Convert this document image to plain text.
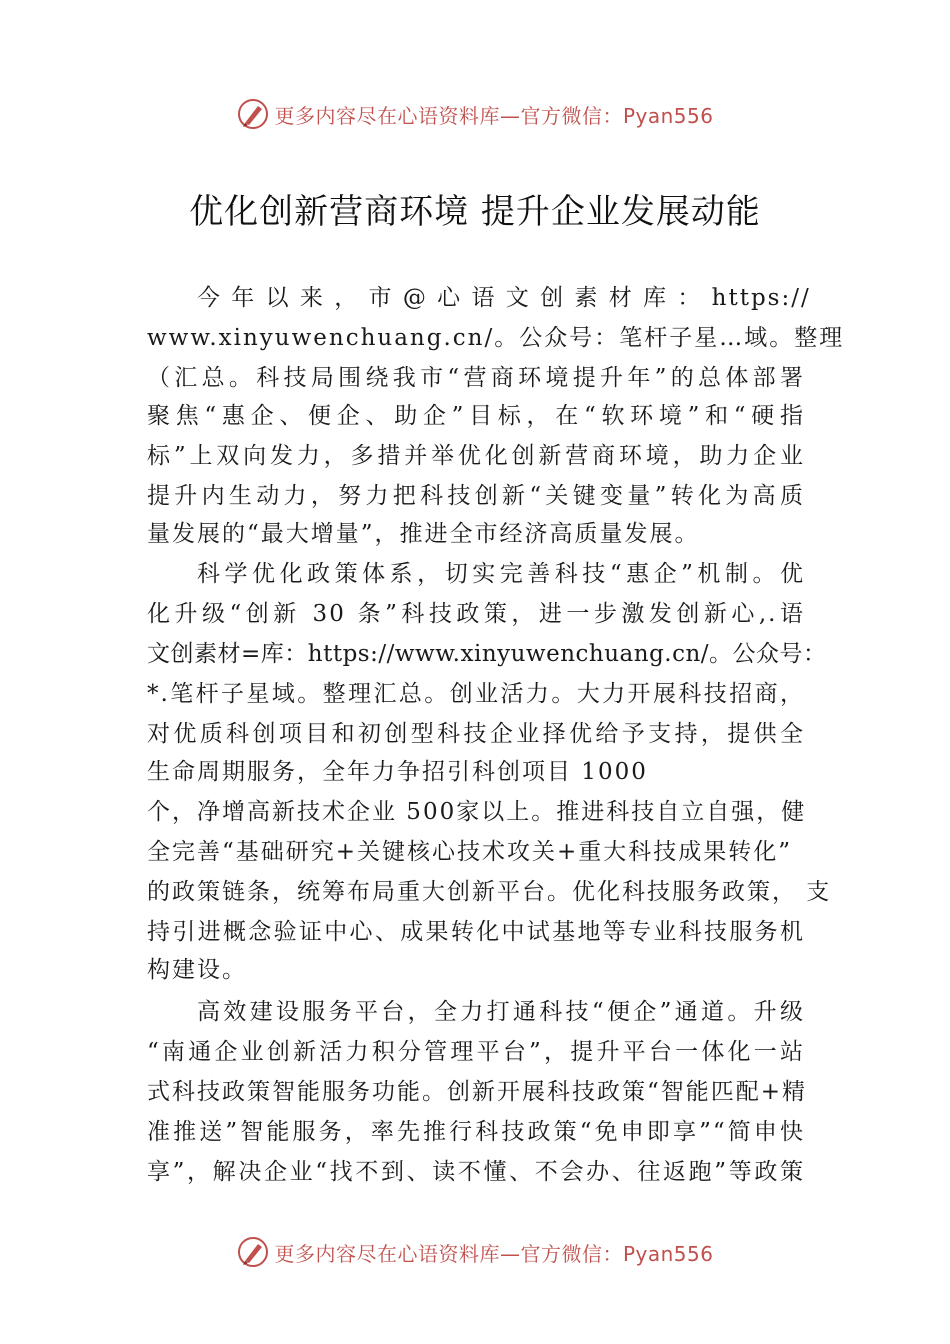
更多内容尽在心语资料库—官方微信：Pyan556
优化创新营商环境 提升企业发展动能
今 年 以 来 ， 市 @ 心 语 文 创 素 材 库 ： https://
www.xinyuwenchuang.cn/。公众号：笔杆子星…域。整理
（汇总。科技局围绕我市“营商环境提升年”的总体部署
聚焦“惠企、便企、助企”目标，在“软环境”和“硬指
标”上双向发力，多措并举优化创新营商环境，助力企业
提升内生动力，努力把科技创新“关键变量”转化为高质
量发展的“最大增量”，推进全市经济高质量发展。
科学优化政策体系，切实完善科技“惠企”机制。优
化升级“创新 30 条”科技政策，进一步激发创新心,.语
文创素材=库：https://www.xinyuwenchuang.cn/。公众号：
*.笔杆子星域。整理汇总。创业活力。大力开展科技招商，
对优质科创项目和初创型科技企业择优给予支持，提供全
生命周期服务，全年力争招引科创项目 1000
个，净增高新技术企业 500家以上。推进科技自立自强，健
全完善“基础研究+关键核心技术攻关+重大科技成果转化”
的政策链条，统筹布局重大创新平台。优化科技服务政策， 支
持引进概念验证中心、成果转化中试基地等专业科技服务机
构建设。
高效建设服务平台，全力打通科技“便企”通道。升级
“南通企业创新活力积分管理平台”，提升平台一体化一站
式科技政策智能服务功能。创新开展科技政策“智能匹配+精
准推送”智能服务，率先推行科技政策“免申即享”“简申快
享”，解决企业“找不到、读不懂、不会办、往返跑”等政策
更多内容尽在心语资料库—官方微信：Pyan556
